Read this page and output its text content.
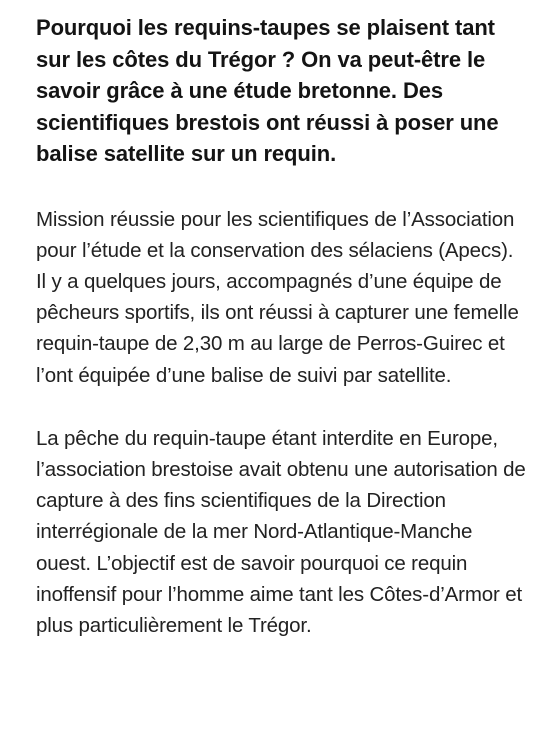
Pourquoi les requins-taupes se plaisent tant sur les côtes du Trégor ? On va peut-être le savoir grâce à une étude bretonne. Des scientifiques brestois ont réussi à poser une balise satellite sur un requin.

Mission réussie pour les scientifiques de l’Association pour l’étude et la conservation des sélaciens (Apecs). Il y a quelques jours, accompagnés d’une équipe de pêcheurs sportifs, ils ont réussi à capturer une femelle requin-taupe de 2,30 m au large de Perros-Guirec et l’ont équipée d’une balise de suivi par satellite.

La pêche du requin-taupe étant interdite en Europe, l’association brestoise avait obtenu une autorisation de capture à des fins scientifiques de la Direction interrégionale de la mer Nord-Atlantique-Manche ouest. L’objectif est de savoir pourquoi ce requin inoffensif pour l’homme aime tant les Côtes-d’Armor et plus particulièrement le Trégor.
